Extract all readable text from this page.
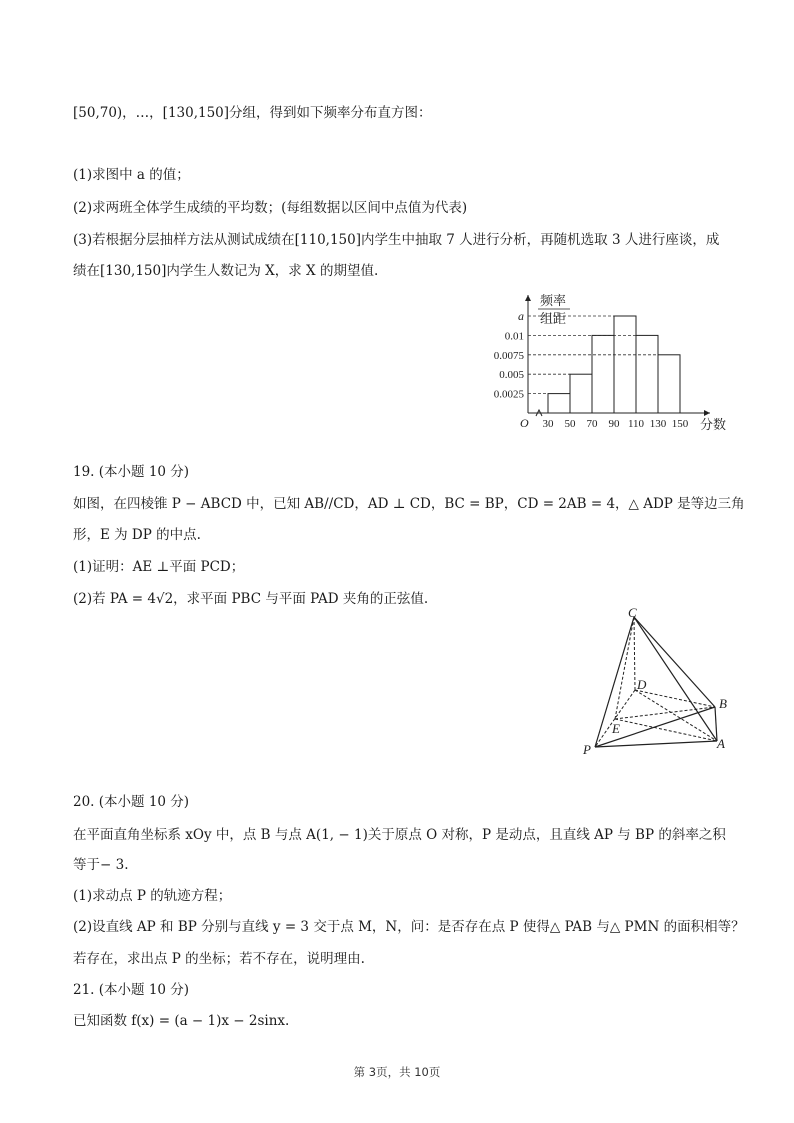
[50,70)，…，[130,150]分组，得到如下频率分布直方图：
(1)求图中 a 的值；
(2)求两班全体学生成绩的平均数；(每组数据以区间中点值为代表)
(3)若根据分层抽样方法从测试成绩在[110,150]内学生中抽取 7 人进行分析，再随机选取 3 人进行座谈，成
绩在[130,150]内学生人数记为 X，求 X 的期望值.
频率
组距
0.0025
0.005
0.0075
0.01
a
30 50 70 90 110 130 150
O	分数
19. (本小题 10 分)
如图，在四棱锥 P − ABCD 中，已知 AB//CD，AD ⊥ CD，BC = BP，CD = 2AB = 4，△ ADP 是等边三角
形，E 为 DP 的中点.
(1)证明：AE ⊥平面 PCD；
(2)若 PA = 4√2，求平面 PBC 与平面 PAD 夹角的正弦值.
C
D
B
E
P	A
20. (本小题 10 分)
在平面直角坐标系 xOy 中，点 B 与点 A(1, − 1)关于原点 O 对称，P 是动点，且直线 AP 与 BP 的斜率之积
等于− 3.
(1)求动点 P 的轨迹方程；
(2)设直线 AP 和 BP 分别与直线 y = 3 交于点 M，N，问：是否存在点 P 使得△ PAB 与△ PMN 的面积相等？
若存在，求出点 P 的坐标；若不存在，说明理由.
21. (本小题 10 分)
已知函数 f(x) = (a − 1)x − 2sinx.
第 3页，共 10页
